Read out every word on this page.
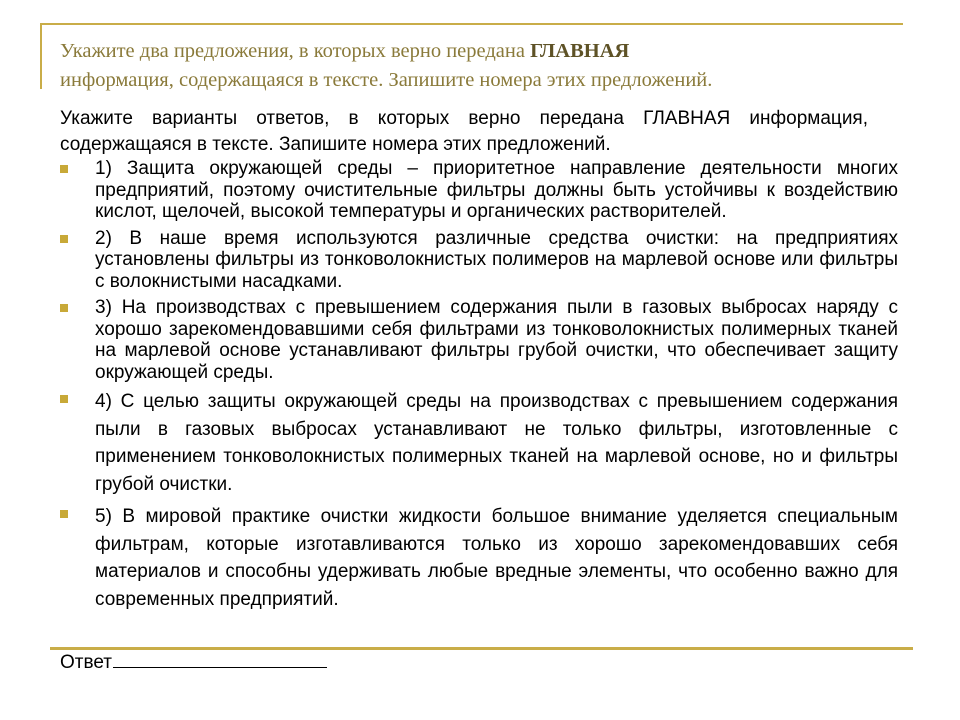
Укажите два предложения, в которых верно передана ГЛАВНАЯ
информация, содержащаяся в тексте. Запишите номера этих предложений.
Укажите варианты ответов, в которых верно передана ГЛАВНАЯ информация, содержащаяся в тексте. Запишите номера этих предложений.
1) Защита окружающей среды – приоритетное направление деятельности многих предприятий, поэтому очистительные фильтры должны быть устойчивы к воздействию кислот, щелочей, высокой температуры и органических растворителей.
2) В наше время используются различные средства очистки: на предприятиях установлены фильтры из тонковолокнистых полимеров на марлевой основе или фильтры с волокнистыми насадками.
3) На производствах с превышением содержания пыли в газовых выбросах наряду с хорошо зарекомендовавшими себя фильтрами из тонковолокнистых полимерных тканей на марлевой основе устанавливают фильтры грубой очистки, что обеспечивает защиту окружающей среды.
4) С целью защиты окружающей среды на производствах с превышением содержания пыли в газовых выбросах устанавливают не только фильтры, изготовленные с применением тонковолокнистых полимерных тканей на марлевой основе, но и фильтры грубой очистки.
5) В мировой практике очистки жидкости большое внимание уделяется специальным фильтрам, которые изготавливаются только из хорошо зарекомендовавших себя материалов и способны удерживать любые вредные элементы, что особенно важно для современных предприятий.
Ответ
